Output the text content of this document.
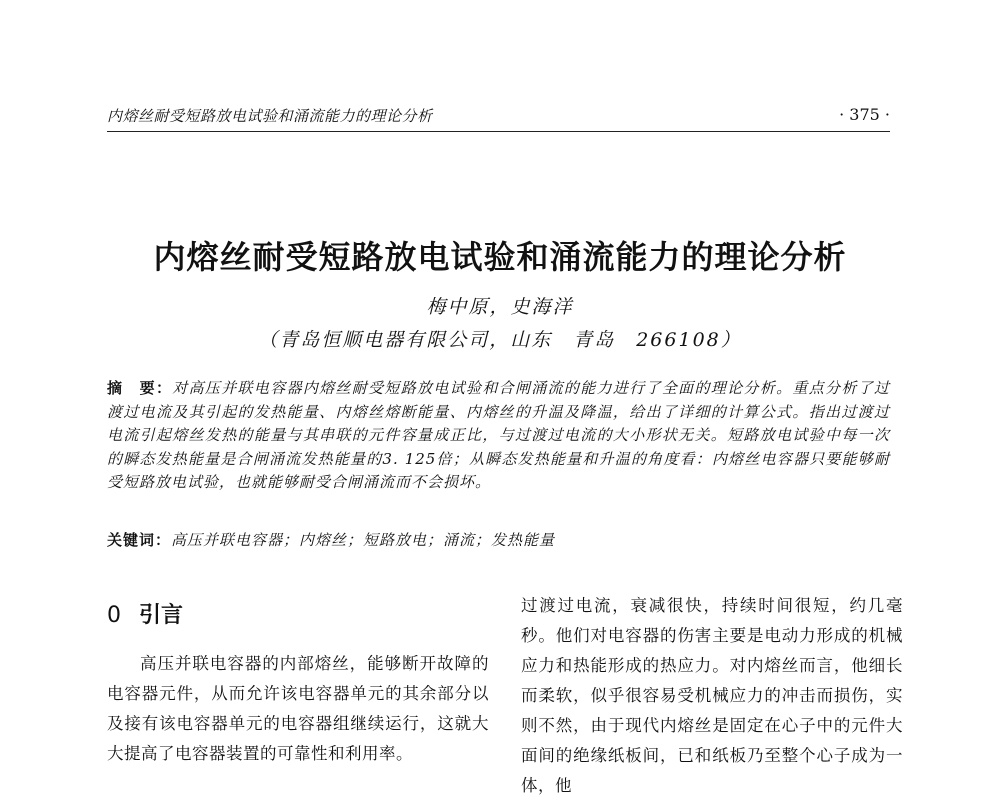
内熔丝耐受短路放电试验和涌流能力的理论分析	· 375 ·
内熔丝耐受短路放电试验和涌流能力的理论分析
梅中原，史海洋
（青岛恒顺电器有限公司，山东　青岛　266108）
摘　要：对高压并联电容器内熔丝耐受短路放电试验和合闸涌流的能力进行了全面的理论分析。重点分析了过渡过电流及其引起的发热能量、内熔丝熔断能量、内熔丝的升温及降温，给出了详细的计算公式。指出过渡过电流引起熔丝发热的能量与其串联的元件容量成正比，与过渡过电流的大小形状无关。短路放电试验中每一次的瞬态发热能量是合闸涌流发热能量的3. 125倍；从瞬态发热能量和升温的角度看：内熔丝电容器只要能够耐受短路放电试验，也就能够耐受合闸涌流而不会损坏。
关键词：高压并联电容器；内熔丝；短路放电；涌流；发热能量
0 引言

高压并联电容器的内部熔丝，能够断开故障的电容器元件，从而允许该电容器单元的其余部分以及接有该电容器单元的电容器组继续运行，这就大大提高了电容器装置的可靠性和利用率。

过渡过电流，衰减很快，持续时间很短，约几毫秒。他们对电容器的伤害主要是电动力形成的机械应力和热能形成的热应力。对内熔丝而言，他细长而柔软，似乎很容易受机械应力的冲击而损伤，实则不然，由于现代内熔丝是固定在心子中的元件大面间的绝缘纸板间，已和纸板乃至整个心子成为一体，他
